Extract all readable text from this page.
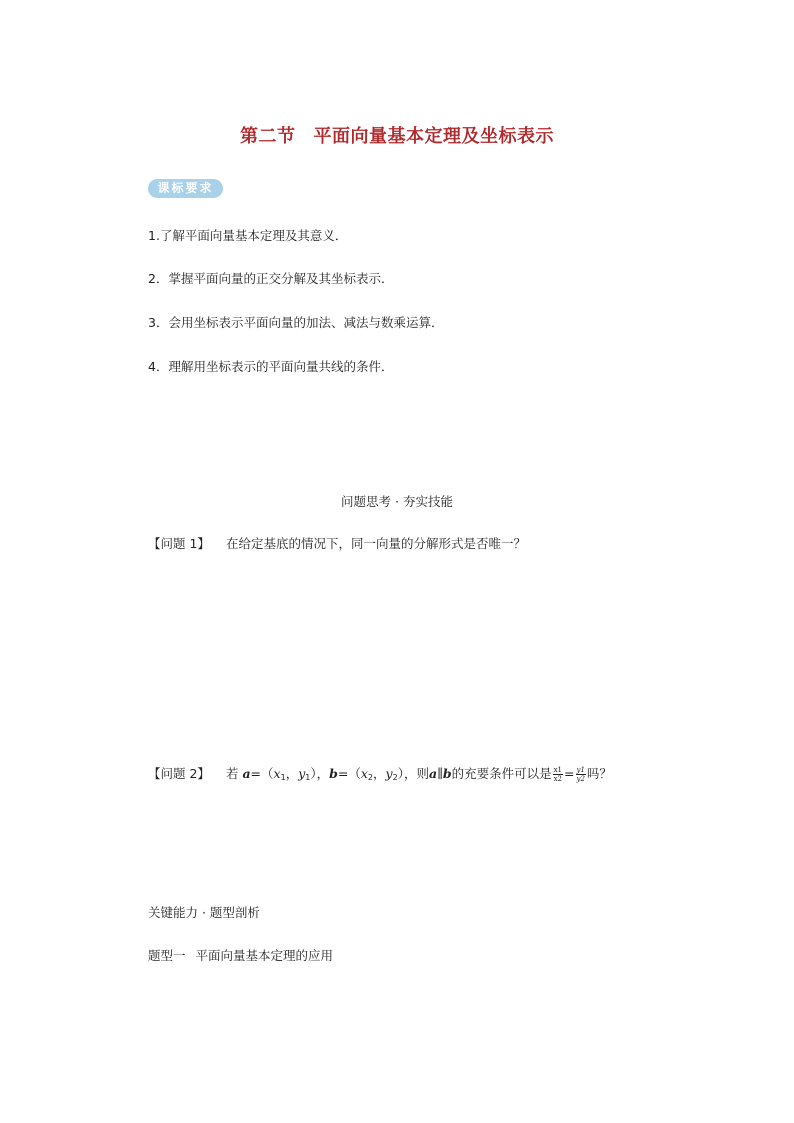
第二节 平面向量基本定理及坐标表示
课标要求
1.了解平面向量基本定理及其意义．
2．掌握平面向量的正交分解及其坐标表示．
3．会用坐标表示平面向量的加法、减法与数乘运算．
4．理解用坐标表示的平面向量共线的条件．
问题思考 · 夯实技能
【问题 1】 在给定基底的情况下，同一向量的分解形式是否唯一？
【问题 2】 若 $a=(x_1$，$y_1$），$b=(x_2$，$y_2$），则a∥b的充要条件可以是 $\frac{x1}{x2} = \frac{y1}{y2}$ 吗？
关键能力 · 题型剖析
题型一 平面向量基本定理的应用
